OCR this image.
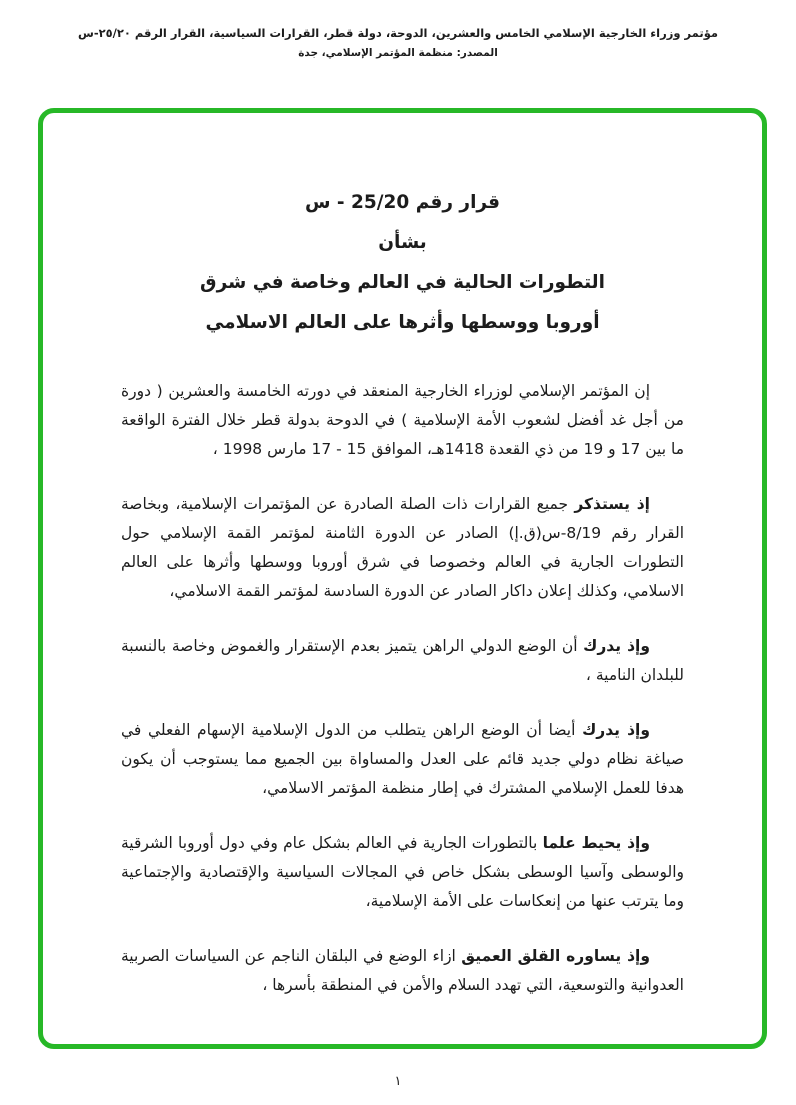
مؤتمر وزراء الخارجية الإسلامي الخامس والعشرين، الدوحة، دولة قطر، القرارات السياسية، القرار الرقم ٢٥/٢٠-س
المصدر: منظمة المؤتمر الإسلامي، جدة
قرار رقم 25/20 - س
بشأن
التطورات الحالية في العالم وخاصة في شرق
أوروبا ووسطها وأثرها على العالم الاسلامي

إن المؤتمر الإسلامي لوزراء الخارجية المنعقد في دورته الخامسة والعشرين ( دورة من أجل غد أفضل لشعوب الأمة الإسلامية ) في الدوحة بدولة قطر خلال الفترة الواقعة ما بين 17 و 19 من ذي القعدة 1418هـ، الموافق 15 - 17 مارس 1998 ،

إذ يستذكر جميع القرارات ذات الصلة الصادرة عن المؤتمرات الإسلامية، وبخاصة القرار رقم 8/19-س(ق.إ) الصادر عن الدورة الثامنة لمؤتمر القمة الإسلامي حول التطورات الجارية في العالم وخصوصا في شرق أوروبا ووسطها وأثرها على العالم الاسلامي، وكذلك إعلان داكار الصادر عن الدورة السادسة لمؤتمر القمة الاسلامي،

وإذ يدرك أن الوضع الدولي الراهن يتميز بعدم الإستقرار والغموض وخاصة بالنسبة للبلدان النامية ،

وإذ يدرك أيضا أن الوضع الراهن يتطلب من الدول الإسلامية الإسهام الفعلي في صياغة نظام دولي جديد قائم على العدل والمساواة بين الجميع مما يستوجب أن يكون هدفا للعمل الإسلامي المشترك في إطار منظمة المؤتمر الاسلامي،

وإذ يحيط علما بالتطورات الجارية في العالم بشكل عام وفي دول أوروبا الشرقية والوسطى وآسيا الوسطى بشكل خاص في المجالات السياسية والإقتصادية والإجتماعية وما يترتب عنها من إنعكاسات على الأمة الإسلامية،

وإذ يساوره القلق العميق ازاء الوضع في البلقان الناجم عن السياسات الصربية العدوانية والتوسعية، التي تهدد السلام والأمن في المنطقة بأسرها ،

١
